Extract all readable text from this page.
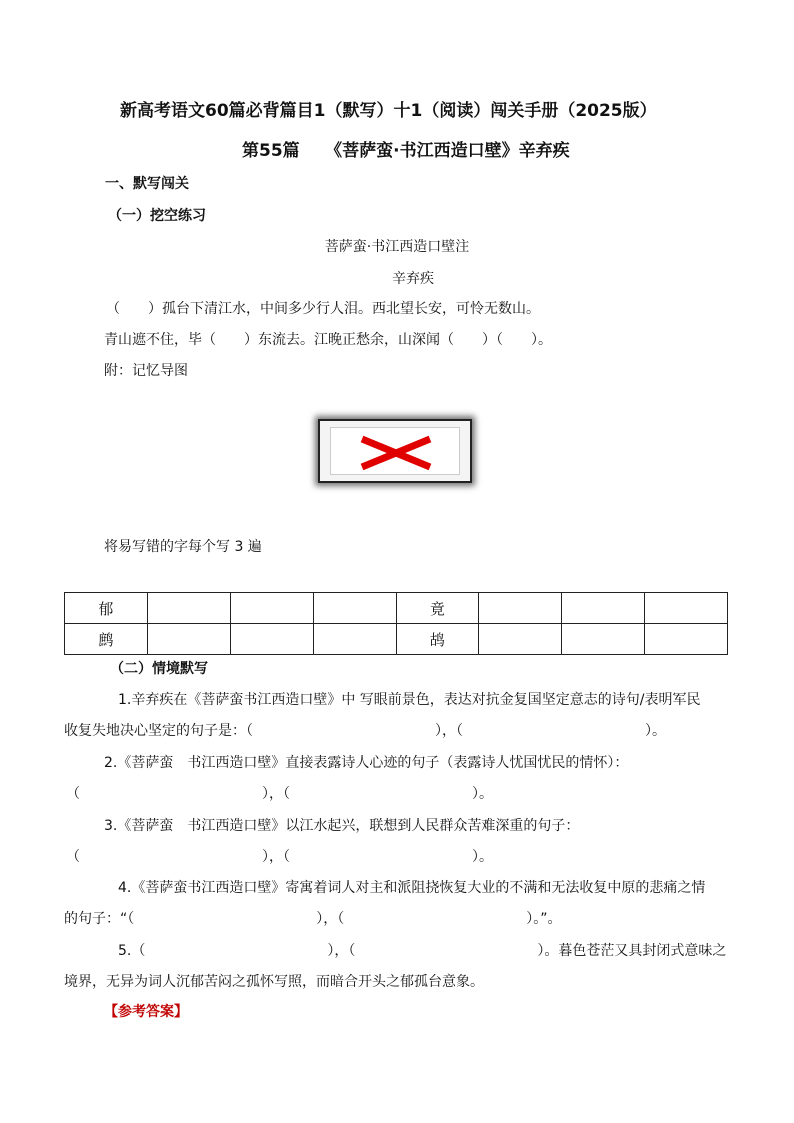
新高考语文60篇必背篇目1（默写）十1（阅读）闯关手册（2025版）
第55篇　　《菩萨蛮·书江西造口壁》辛弃疾
一、默写闯关
（一）挖空练习
菩萨蛮·书江西造口壁注
辛弃疾
（　　）孤台下清江水，中间多少行人泪。西北望长安，可怜无数山。
青山遮不住，毕（　　）东流去。江晚正愁余，山深闻（　　）（　　）。
附：记忆导图
将易写错的字每个写 3 遍
郁				竟			
鹧				鸪			
（二）情境默写
1.辛弃疾在《菩萨蛮书江西造口壁》中 写眼前景色，表达对抗金复国坚定意志的诗句/表明军民
收复失地决心坚定的句子是：（　　　　　　　　　　　　　），（　　　　　　　　　　　　　）。
2.《菩萨蛮　书江西造口壁》直接表露诗人心迹的句子（表露诗人忧国忧民的情怀）：
（　　　　　　　　　　　　　），（　　　　　　　　　　　　　）。
3.《菩萨蛮　书江西造口壁》以江水起兴，联想到人民群众苦难深重的句子：
（　　　　　　　　　　　　　），（　　　　　　　　　　　　　）。
4.《菩萨蛮书江西造口壁》寄寓着词人对主和派阻挠恢复大业的不满和无法收复中原的悲痛之情
的句子：“（　　　　　　　　　　　　　），（　　　　　　　　　　　　　）。”。
5.（　　　　　　　　　　　　　），（　　　　　　　　　　　　　）。暮色苍茫又具封闭式意味之
境界，无异为词人沉郁苦闷之孤怀写照，而暗合开头之郁孤台意象。
【参考答案】
